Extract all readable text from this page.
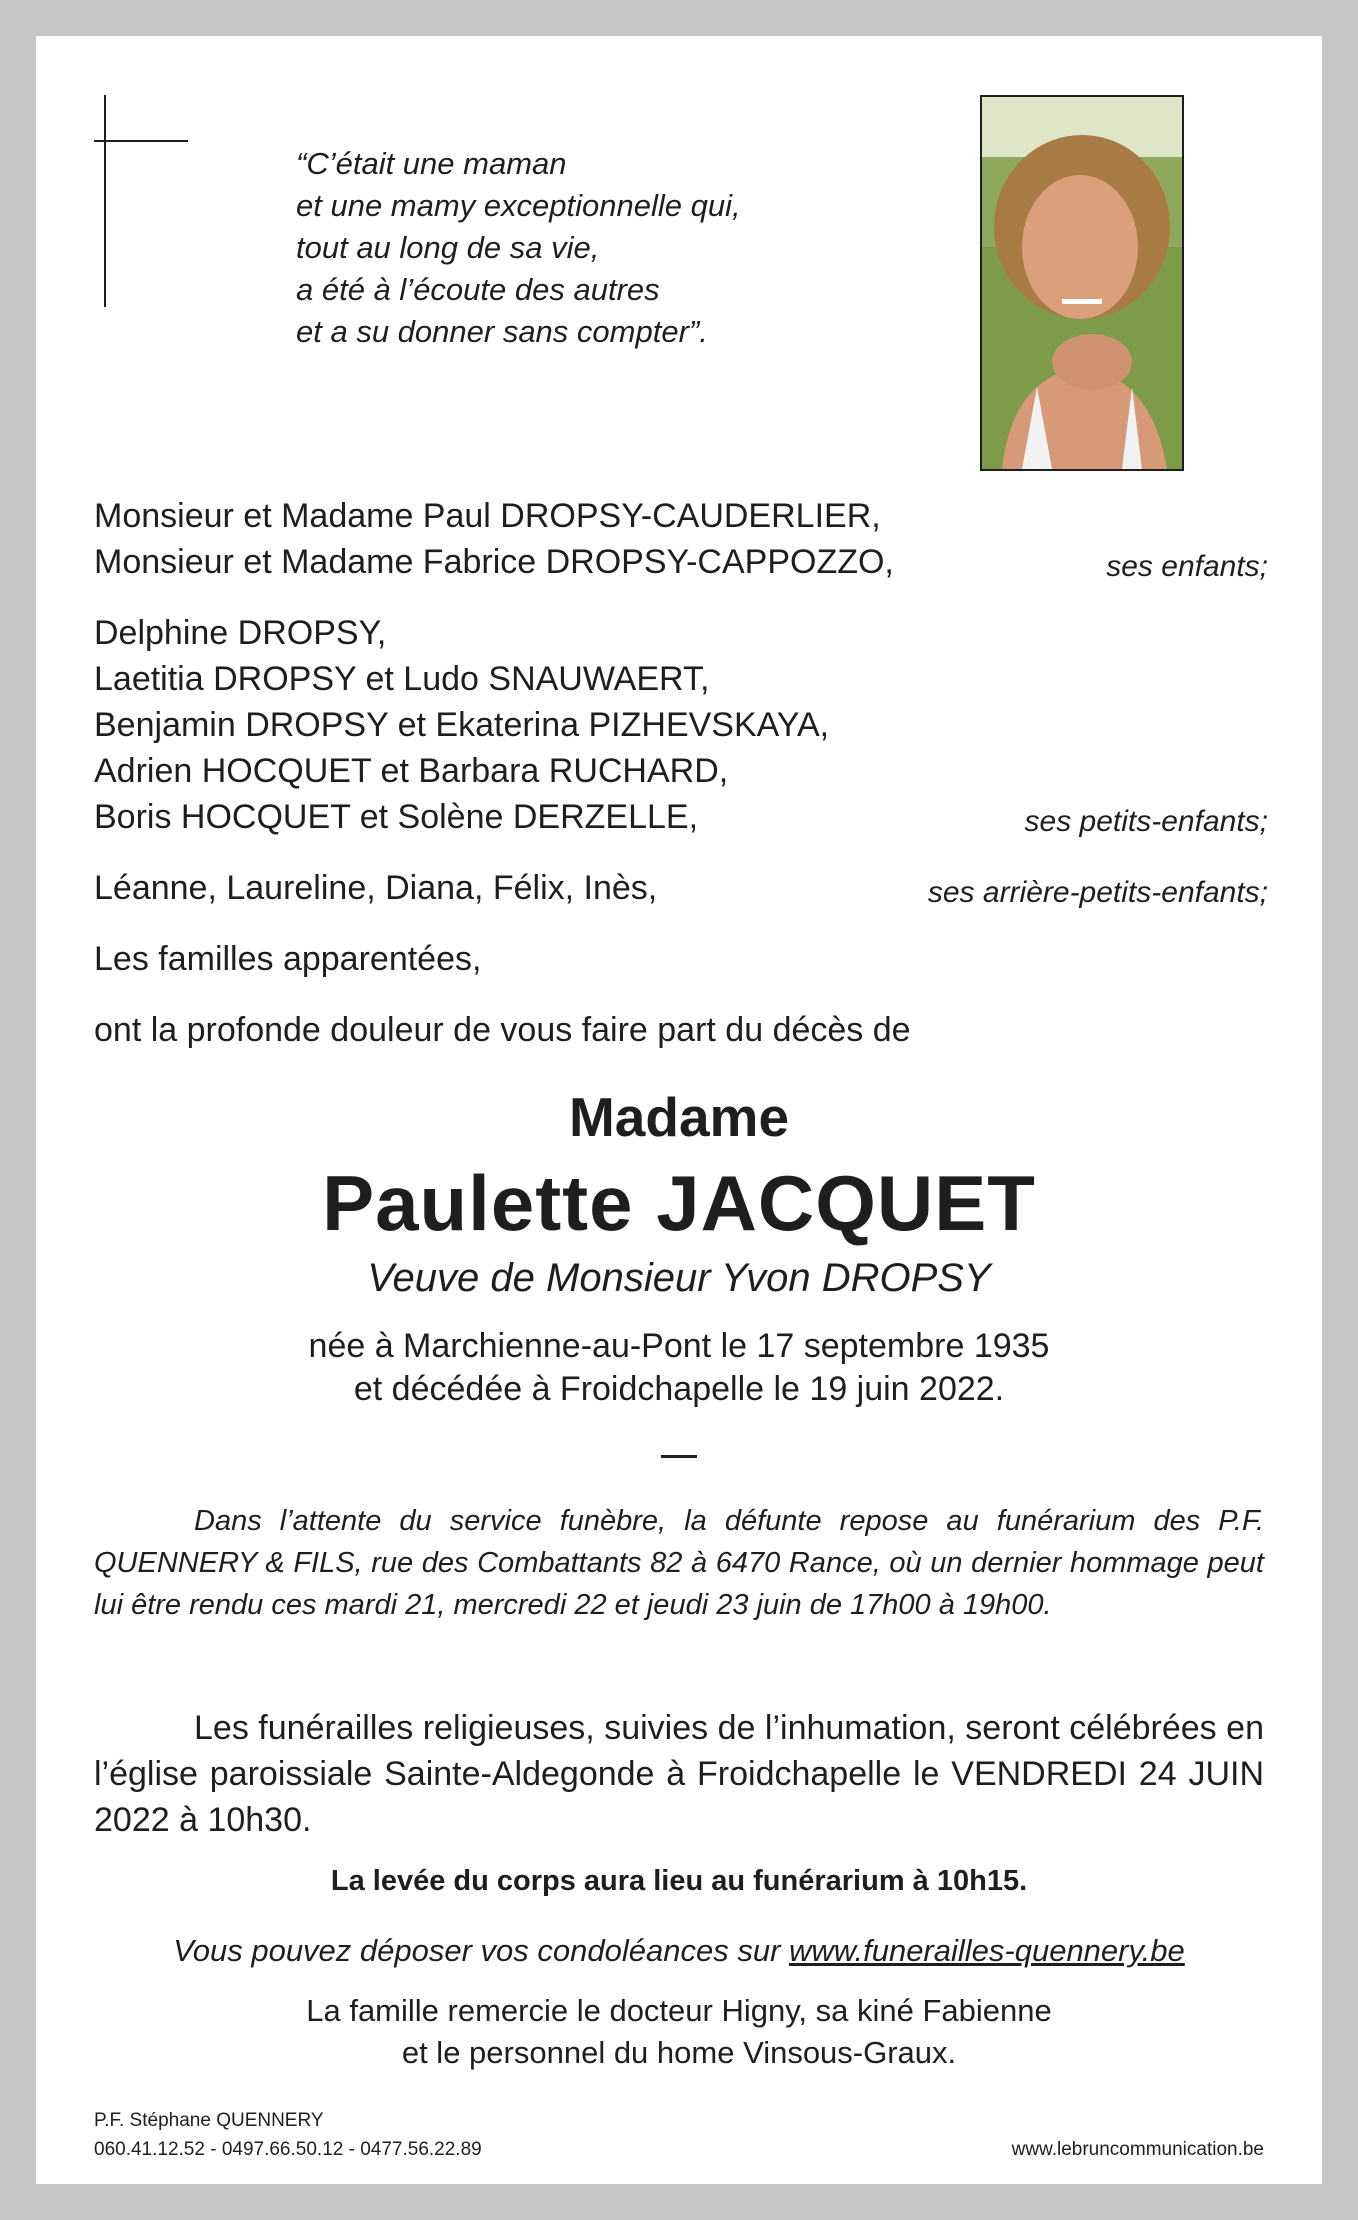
“C’était une maman
et une mamy exceptionnelle qui,
tout au long de sa vie,
a été à l’écoute des autres
et a su donner sans compter”.
Monsieur et Madame Paul DROPSY-CAUDERLIER,
Monsieur et Madame Fabrice DROPSY-CAPPOZZO,	ses enfants;
Delphine DROPSY,
Laetitia DROPSY et Ludo SNAUWAERT,
Benjamin DROPSY et Ekaterina PIZHEVSKAYA,
Adrien HOCQUET et Barbara RUCHARD,
Boris HOCQUET et Solène DERZELLE,	ses petits-enfants;
Léanne, Laureline, Diana, Félix, Inès,	ses arrière-petits-enfants;
Les familles apparentées,
ont la profonde douleur de vous faire part du décès de
Madame
Paulette JACQUET
Veuve de Monsieur Yvon DROPSY
née à Marchienne-au-Pont le 17 septembre 1935
et décédée à Froidchapelle le 19 juin 2022.
Dans l’attente du service funèbre, la défunte repose au funérarium des P.F. QUENNERY & FILS, rue des Combattants 82 à 6470 Rance, où un dernier hommage peut lui être rendu ces mardi 21, mercredi 22 et jeudi 23 juin de 17h00 à 19h00.
Les funérailles religieuses, suivies de l’inhumation, seront célébrées en l’église paroissiale Sainte-Aldegonde à Froidchapelle le VENDREDI 24 JUIN 2022 à 10h30.
La levée du corps aura lieu au funérarium à 10h15.
Vous pouvez déposer vos condoléances sur www.funerailles-quennery.be
La famille remercie le docteur Higny, sa kiné Fabienne
et le personnel du home Vinsous-Graux.
P.F. Stéphane QUENNERY
060.41.12.52 - 0497.66.50.12 - 0477.56.22.89	www.lebruncommunication.be
